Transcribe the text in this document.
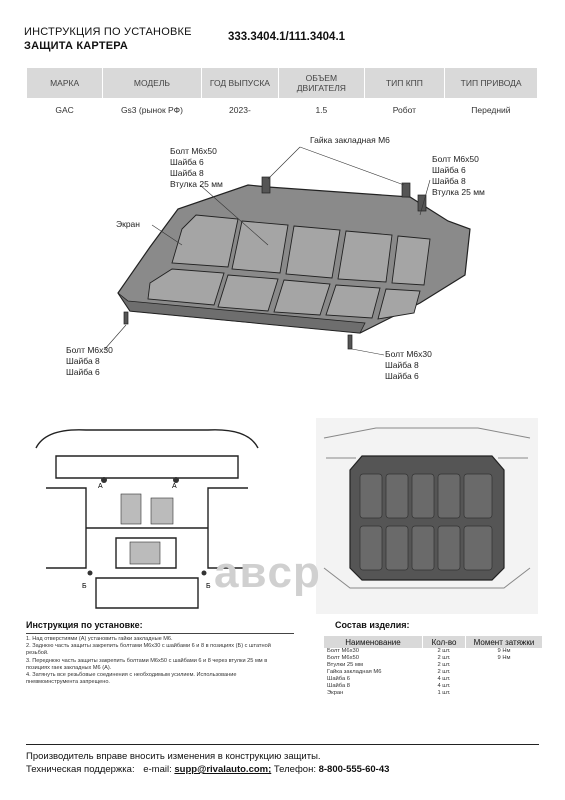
ИНСТРУКЦИЯ ПО УСТАНОВКЕ
ЗАЩИТА КАРТЕРА
333.3404.1/111.3404.1
МАРКА	МОДЕЛЬ	ГОД ВЫПУСКА	ОБЪЕМ ДВИГАТЕЛЯ	ТИП КПП	ТИП ПРИВОДА
GAC	Gs3 (рынок РФ)	2023-	1.5	Робот	Передний
Гайка закладная М6
Болт М6х50
Шайба 6
Шайба 8
Втулка 25 мм
Болт М6х50
Шайба 6
Шайба 8
Втулка 25 мм
Экран
Болт М6х30
Шайба 8
Шайба 6
Болт М6х30
Шайба 8
Шайба 6
A	A
Б	Б aвcp
Инструкция по установке:
1. Над отверстиями (А) установить гайки закладные М6.
2. Заднюю часть защиты закрепить болтами М6х30 с шайбами 6 и 8 в позициях (Б) с штатной
резьбой.
3. Переднюю часть защиты закрепить болтами М6х50 с шайбами 6 и 8 через втулки 25 мм в
позициях гаек закладных М6 (А).
4. Затянуть все резьбовые соединения с необходимым усилием. Использование
пневмоинструмента запрещено.
Состав изделия:
Наименование	Кол-во	Момент затяжки
Болт М6х30	2 шт.	9 Нм
Болт М6х50	2 шт.	9 Нм
Втулки 25 мм	2 шт.	
Гайка закладная М6	2 шт.	
Шайба 6	4 шт.	
Шайба 8	4 шт.	
Экран	1 шт.	
Производитель вправе вносить изменения в конструкцию защиты.
Техническая поддержка: e-mail: supp@rivalauto.com; Телефон: 8-800-555-60-43
